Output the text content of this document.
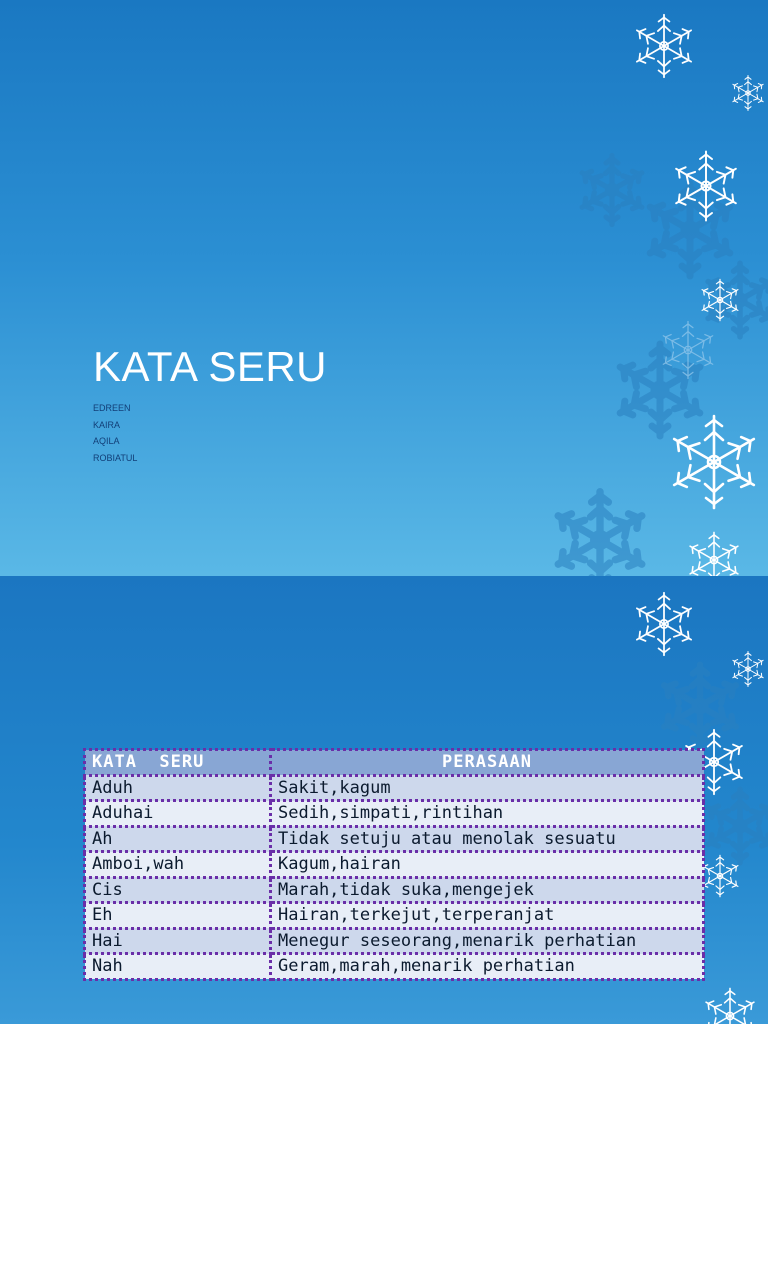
KATA SERU
EDREEN
KAIRA
AQILA
ROBIATUL
KATA SERU
KATA  SERU	PERASAAN
Aduh	Sakit,kagum
Aduhai	Sedih,simpati,rintihan
Ah	Tidak setuju atau menolak sesuatu
Amboi,wah	Kagum,hairan
Cis	Marah,tidak suka,mengejek
Eh	Hairan,terkejut,terperanjat
Hai	Menegur seseorang,menarik perhatian
Nah	Geram,marah,menarik perhatian
